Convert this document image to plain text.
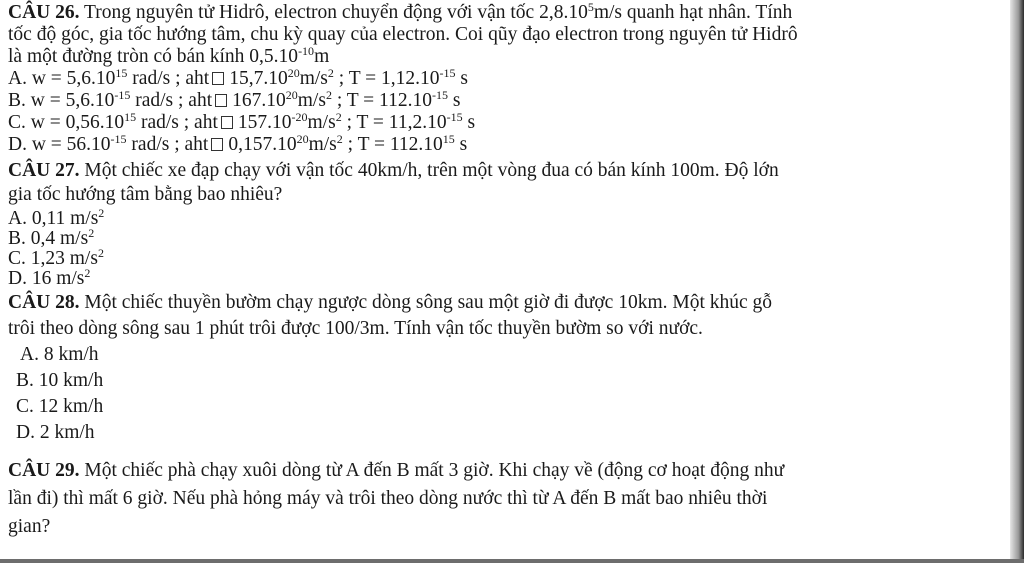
CÂU 26. Trong nguyên tử Hidrô, electron chuyển động với vận tốc 2,8.10$^5$m/s quanh hạt nhân. Tính
tốc độ góc, gia tốc hướng tâm, chu kỳ quay của electron. Coi qũy đạo electron trong nguyên tử Hidrô
là một đường tròn có bán kính $0,5.10^{-10}m$
A. $w = 5,6.10^{15}$ rad/s ; aht $15,7.10^{20}m/s^2$ ; $T = 1,12.10^{-15}$ s
B. $w = 5,6.10^{-15}$ rad/s ; aht $167.10^{20}m/s^2$ ; $T = 112.10^{-15}$ s
C. $w = 0,56.10^{15}$ rad/s ; aht $157.10^{-20}m/s^2$ ; $T = 11,2.10^{-15}$ s
D. $w = 56.10^{-15}$ rad/s ; aht $0,157.10^{20}m/s^2$ ; $T = 112.10^{15}$ s
CÂU 27. Một chiếc xe đạp chạy với vận tốc 40km/h, trên một vòng đua có bán kính 100m. Độ lớn
gia tốc hướng tâm bằng bao nhiêu?
A. 0,11 $m/s^2$
B. 0,4 $m/s^2$
C. 1,23 $m/s^2$
D. 16 $m/s^2$
CÂU 28. Một chiếc thuyền bườm chạy ngược dòng sông sau một giờ đi được 10km. Một khúc gỗ
trôi theo dòng sông sau 1 phút trôi được 100/3m. Tính vận tốc thuyền bườm so với nước.
A. 8 km/h
B. 10 km/h
C. 12 km/h
D. 2 km/h
CÂU 29. Một chiếc phà chạy xuôi dòng từ A đến B mất 3 giờ. Khi chạy về (động cơ hoạt động như
lần đi) thì mất 6 giờ. Nếu phà hỏng máy và trôi theo dòng nước thì từ A đến B mất bao nhiêu thời
gian?
